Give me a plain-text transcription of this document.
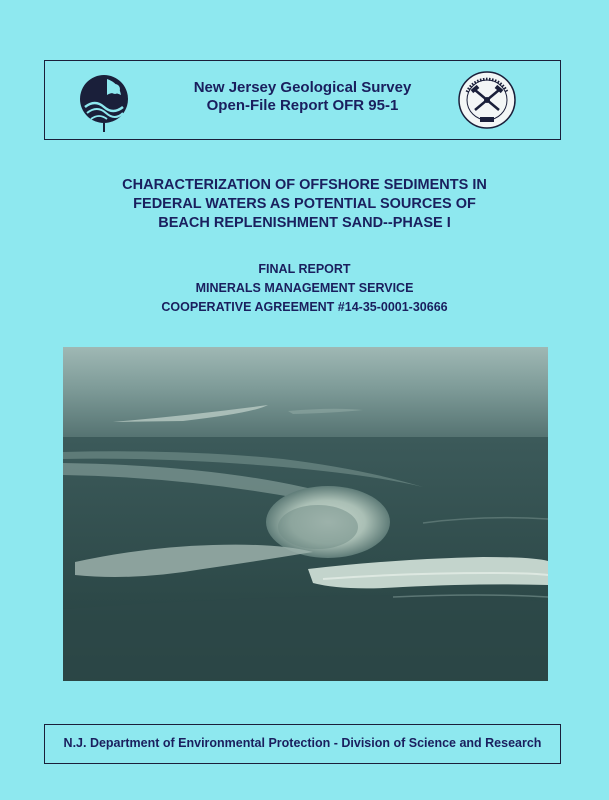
New Jersey Geological Survey
Open-File Report OFR 95-1
CHARACTERIZATION OF OFFSHORE SEDIMENTS IN
FEDERAL WATERS AS POTENTIAL SOURCES OF
BEACH REPLENISHMENT SAND--PHASE I
FINAL REPORT
MINERALS MANAGEMENT SERVICE
COOPERATIVE AGREEMENT #14-35-0001-30666
N.J. Department of Environmental Protection - Division of Science and Research
